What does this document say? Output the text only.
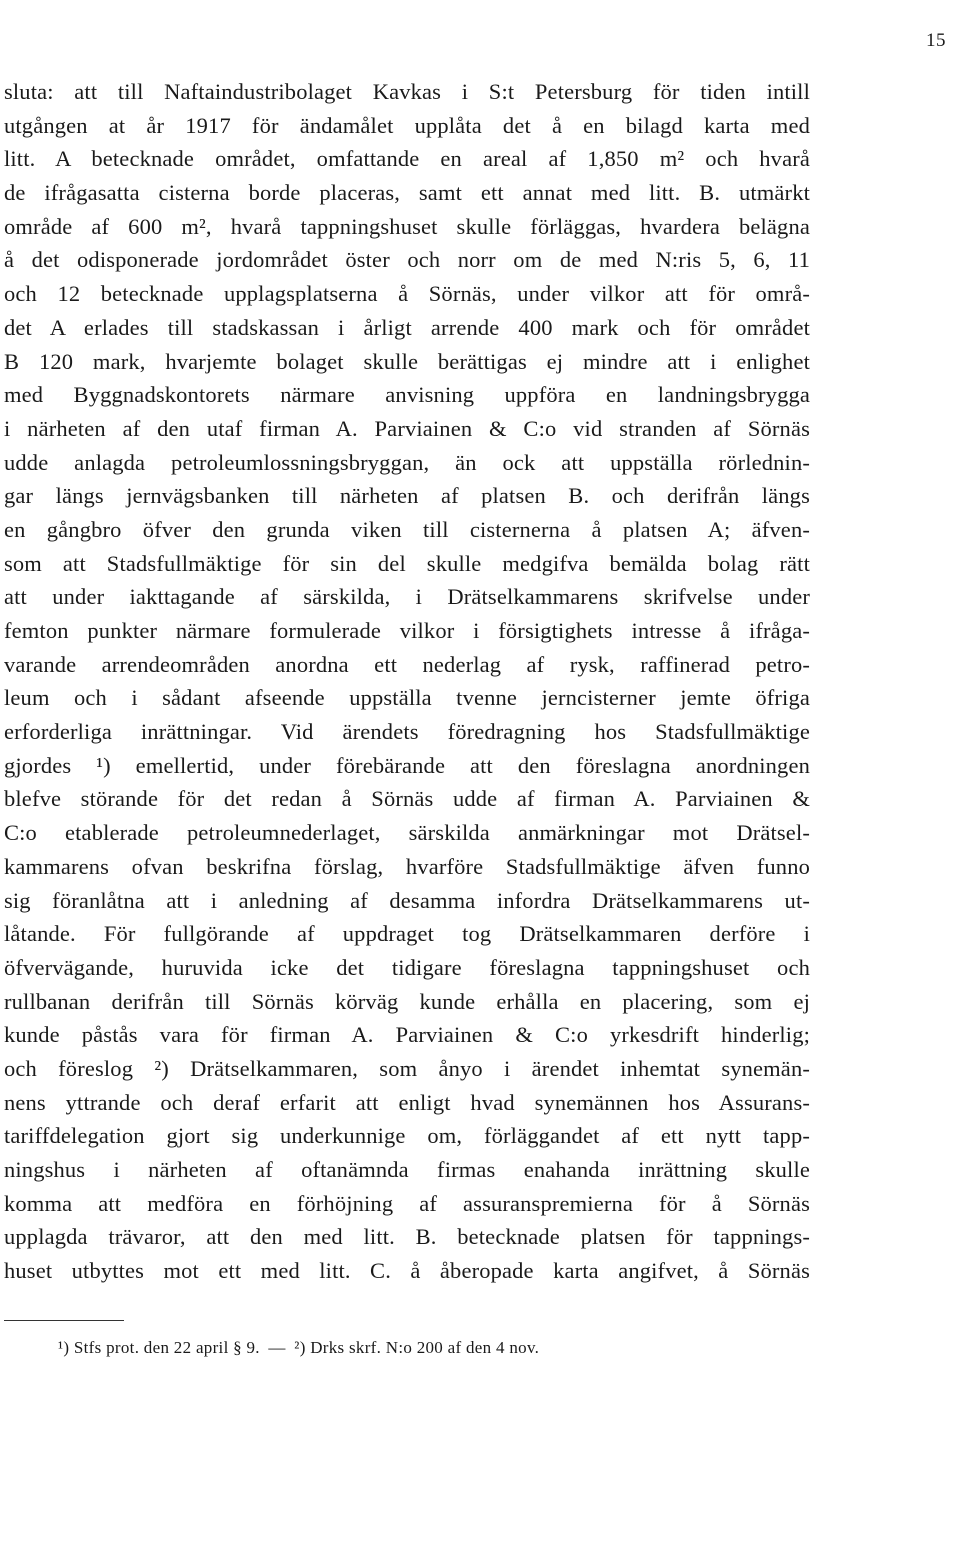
15
sluta: att till Naftaindustribolaget Kavkas i S:t Petersburg för tiden intill
utgången at år 1917 för ändamålet upplåta det å en bilagd karta med
litt. A betecknade området, omfattande en areal af 1,850 m² och hvarå
de ifrågasatta cisterna borde placeras, samt ett annat med litt. B. utmärkt
område af 600 m², hvarå tappningshuset skulle förläggas, hvardera belägna
å det odisponerade jordområdet öster och norr om de med N:ris 5, 6, 11
och 12 betecknade upplagsplatserna å Sörnäs, under vilkor att för områ-
det A erlades till stadskassan i årligt arrende 400 mark och för området
B 120 mark, hvarjemte bolaget skulle berättigas ej mindre att i enlighet
med Byggnadskontorets närmare anvisning uppföra en landningsbrygga
i närheten af den utaf firman A. Parviainen & C:o vid stranden af Sörnäs
udde anlagda petroleumlossningsbryggan, än ock att uppställa rörlednin-
gar längs jernvägsbanken till närheten af platsen B. och derifrån längs
en gångbro öfver den grunda viken till cisternerna å platsen A; äfven-
som att Stadsfullmäktige för sin del skulle medgifva bemälda bolag rätt
att under iakttagande af särskilda, i Drätselkammarens skrifvelse under
femton punkter närmare formulerade vilkor i försigtighets intresse å ifråga-
varande arrendeområden anordna ett nederlag af rysk, raffinerad petro-
leum och i sådant afseende uppställa tvenne jerncisterner jemte öfriga
erforderliga inrättningar. Vid ärendets föredragning hos Stadsfullmäktige
gjordes ¹) emellertid, under förebärande att den föreslagna anordningen
blefve störande för det redan å Sörnäs udde af firman A. Parviainen &
C:o etablerade petroleumnederlaget, särskilda anmärkningar mot Drätsel-
kammarens ofvan beskrifna förslag, hvarföre Stadsfullmäktige äfven funno
sig föranlåtna att i anledning af desamma infordra Drätselkammarens ut-
låtande. För fullgörande af uppdraget tog Drätselkammaren derföre i
öfvervägande, huruvida icke det tidigare föreslagna tappningshuset och
rullbanan derifrån till Sörnäs körväg kunde erhålla en placering, som ej
kunde påstås vara för firman A. Parviainen & C:o yrkesdrift hinderlig;
och föreslog ²) Drätselkammaren, som ånyo i ärendet inhemtat synemän-
nens yttrande och deraf erfarit att enligt hvad synemännen hos Assurans-
tariffdelegation gjort sig underkunnige om, förläggandet af ett nytt tapp-
ningshus i närheten af oftanämnda firmas enahanda inrättning skulle
komma att medföra en förhöjning af assuranspremierna för å Sörnäs
upplagda trävaror, att den med litt. B. betecknade platsen för tappnings-
huset utbyttes mot ett med litt. C. å åberopade karta angifvet, å Sörnäs
¹) Stfs prot. den 22 april § 9. — ²) Drks skrf. N:o 200 af den 4 nov.
